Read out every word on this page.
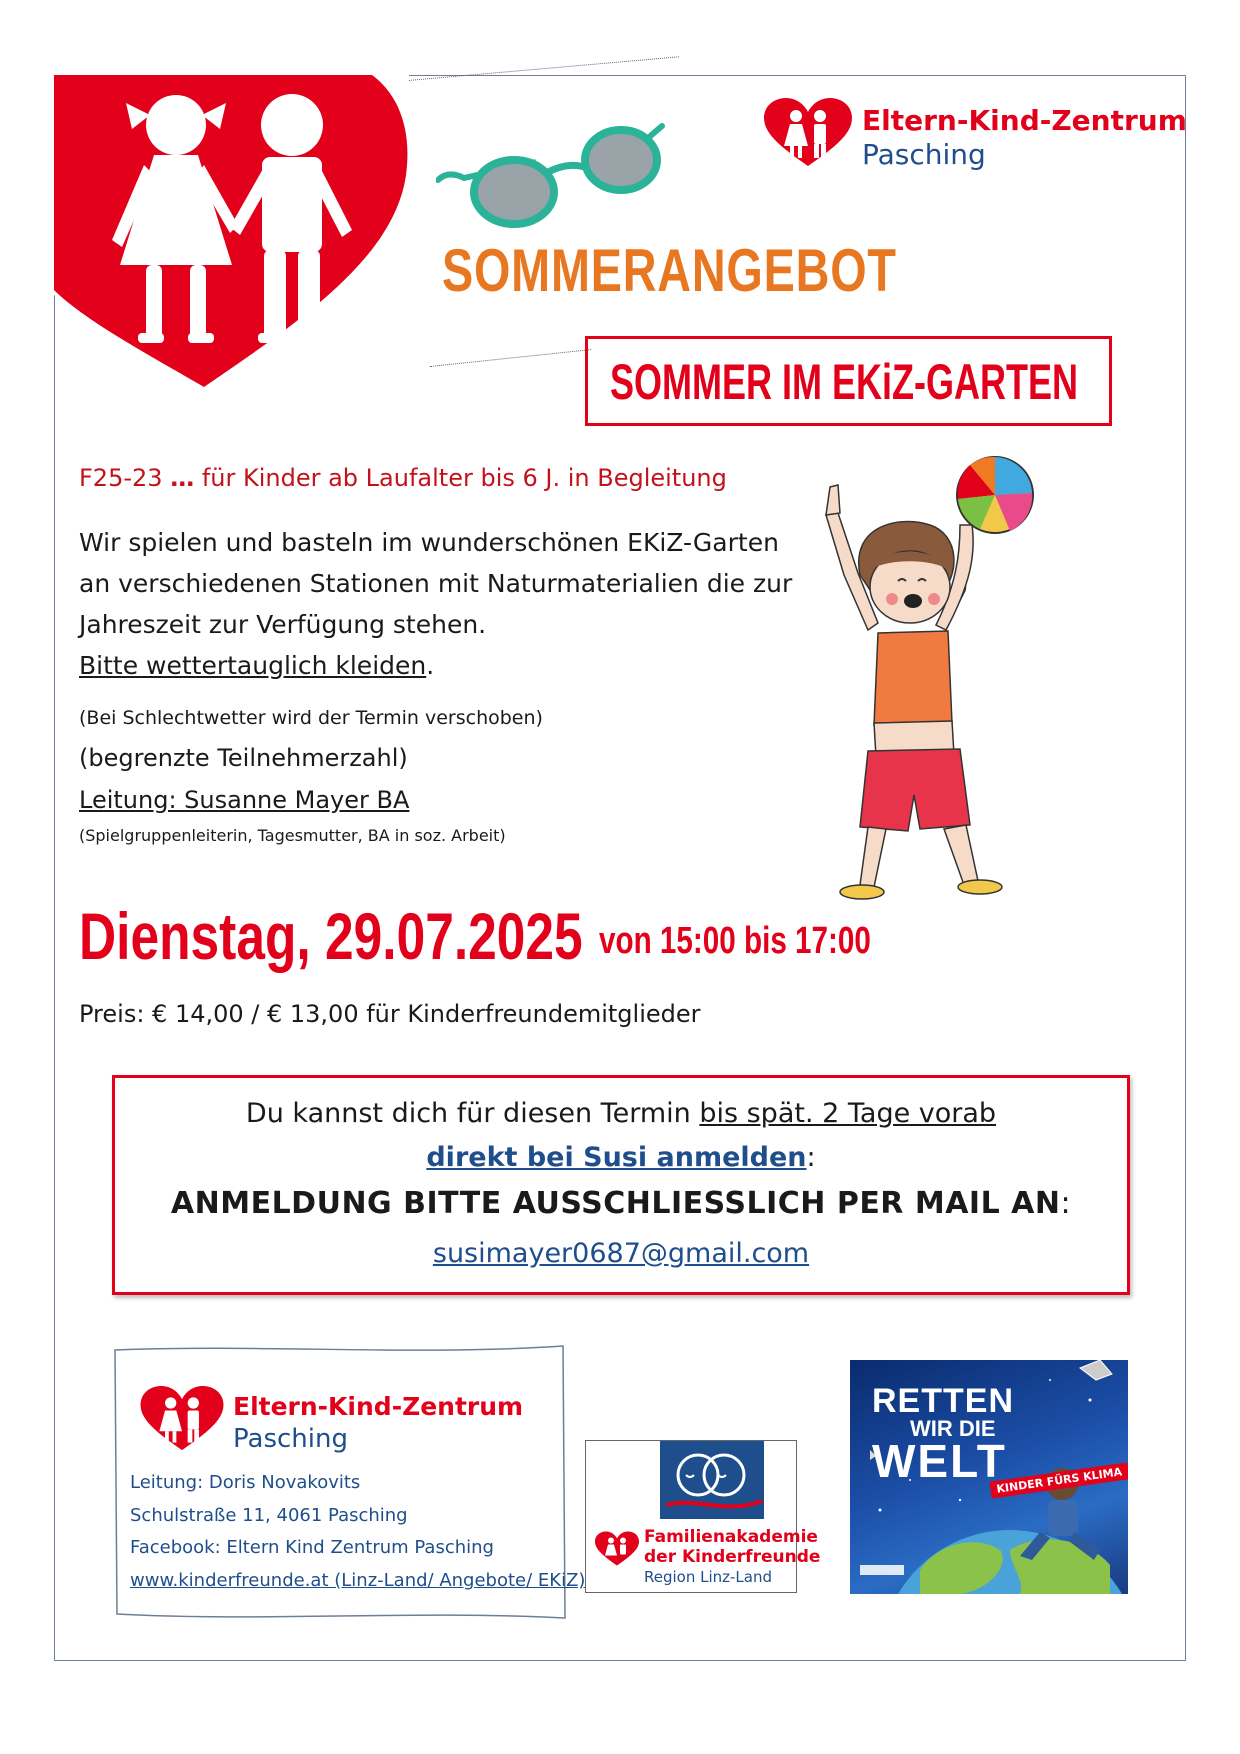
Eltern-Kind-Zentrum
Pasching
SOMMERANGEBOT
SOMMER IM EKiZ-GARTEN
F25-23 … für Kinder ab Laufalter bis 6 J. in Begleitung
Wir spielen und basteln im wunderschönen EKiZ-Garten
an verschiedenen Stationen mit Naturmaterialien die zur
Jahreszeit zur Verfügung stehen.
Bitte wettertauglich kleiden.
(Bei Schlechtwetter wird der Termin verschoben)
(begrenzte Teilnehmerzahl)
Leitung: Susanne Mayer BA
(Spielgruppenleiterin, Tagesmutter, BA in soz. Arbeit)
Dienstag, 29.07.2025 von 15:00 bis 17:00
Preis: € 14,00 / € 13,00 für Kinderfreundemitglieder
Du kannst dich für diesen Termin bis spät. 2 Tage vorab
direkt bei Susi anmelden:
ANMELDUNG BITTE AUSSCHLIESSLICH PER MAIL AN:
susimayer0687@gmail.com
Eltern-Kind-Zentrum
Pasching
Leitung: Doris Novakovits
Schulstraße 11, 4061 Pasching
Facebook: Eltern Kind Zentrum Pasching
www.kinderfreunde.at (Linz-Land/ Angebote/ EKiZ)
Familienakademie
der Kinderfreunde
Region Linz-Land
RETTEN
WIR DIE
WELT
KINDER FÜRS KLIMA
